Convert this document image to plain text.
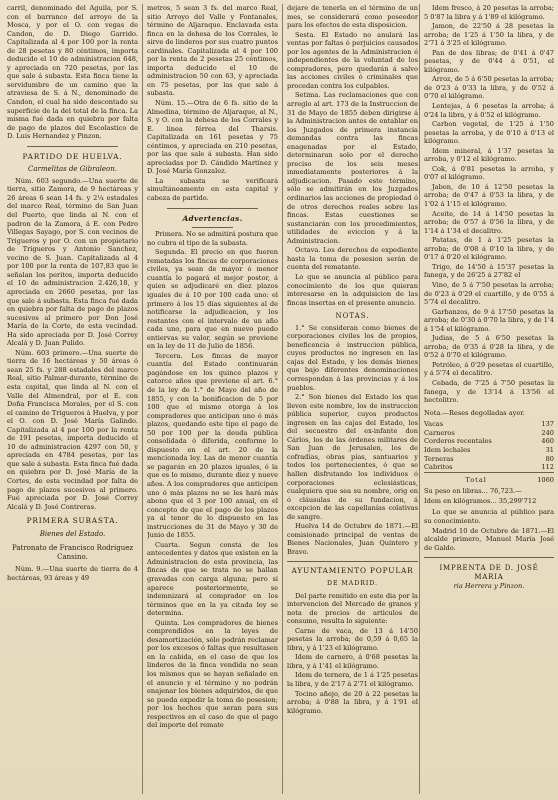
carril, denominado del Aguila, por S. con el barranco del arroyo de la Mosca, y por el O. con vegas de Candon, de D. Diego Garrido. Capitalizada al 4 por 100 por la renta de 28 pesetas y 80 céntimos, importa deducido el 10 de administracion 648, y apreciada en 720 pesetas, por las que sale á subasta. Esta finca tiene la servidumbre de un camino que la atraviesa de S. á N., denominado de Candon, el cual ha sido descontado su superficie de la del total de la finca. La misma fué dada en quiebra por falta de pago de plazos del Escolastico de D. Luis Hernandez y Pinzon.

PARTIDO DE HUELVA.

Carmelitas de Gibraleon.

Núm. 603 segundo.—Una suerte de tierra, sitio Zamora, de 9 hectáreas y 26 áreas 6 sean 14 fs. y 2¼ estadales del marco Real, término de San Juan del Puerto, que linda al N. con el padron de la Zamora, á E. con Pedro Villegas Sayago, por S. con vecinos de Trigueros y por O. con un propietario de Trigueros y Antonio Sanchez, vecino de S. Juan. Capitalizada al 4 por 100 por la renta de 107,83 que le señalan los peritos, importa deducido el 10 de administracion 2.426,18, y apreciada en 2660 pesetas, por las que sale á subasta. Esta finca fué dada en quiebra por falta de pago de plazos sucesivos al primero por Don José María de la Corte, de esta vecindad. Ha sido apreciada por D. José Correy Alcalá y D. Juan Pulido.

Núm. 603 primero.—Una suerte de tierra de 16 hectáreas y 50 áreas ó sean 25 fs. y 288 estadales del marco Real, sitio Palmar-durante, término de esta capital, que linda al N. con el Valle del Almendral, por el E. con Doña Francisca Morales, por el S. con el camino de Trigueros á Huelva, y por el O. con D. José María Galindo. Capitalizada al 4 por 100 por la renta de 191 pesetas, importa deducido el 10 de administracion 4297 con 50, y apreciada en 4784 pesetas, por las que sale á subasta. Esta finca fué dada en quiebra por D. José María de la Cortes, de esta vecindad por falta de pago de plazos sucesivos al primero. Fué apreciada por D. José Correy Alcalá y D. José Contreras.

PRIMERA SUBASTA.

Bienes del Estado.

Patronato de Francisco Rodriguez Cansino.

Núm. 9.—Una suerte de tierra de 4 hectáreas, 93 áreas y 49

metros, 5 sean 3 fs. del marco Real, sitio Arroyo del Valle y Fontanales, término de Aljaraque. Enclavada esta finca en la dehesa de los Corrales, le sirve de linderos por sus cuatro puntos cardinales. Capitalizada al 4 por 100 por la renta de 2 pesetas 25 céntimos, importa deducido el 10 de administracion 50 con 63, y apreciada en 75 pesetas, por las que sale á subasta.

Núm. 15.—Otra de 6 fs. sitio de la Almedina, término de Aljaraque, al N., S. y O. con la dehesa de los Corrales y E. linea férrea del Tharsis. Capitalizada en 161 pesetas y 75 céntimos, y apreciada en 210 pesetas, por las que sale á subasta. Han sido apreciadas por D. Cándido Martínez y D. José María Gonzalez.

La subasta se verificará simultáneamente en esta capital y cabeza de partido.

Advertencias.

Primera. No se admitirá postura que no cubra el tipo de la subasta.

Segunda. El precio en que fueren rematadas los fincas de corporaciones civiles, ya sean de mayor ó menor cuantía lo pagará el mejor postor, á quien se adjudicaré en diez plazos iguales de á 10 por 100 cada uno: el primero á los 15 días siguientes al de notificarse la adjudicacion, y los restantes con el intervalo de un año cada uno, para que en nuevo puedo entiervas su valor, según se previene en la ley de 11 de Julio de 1856.

Tercera. Los fincas de mayor cuantía del Estado continuarán pagándose en los quince plazos y catorce años que previene el art. 6.° de la ley de 1.° de Mayo del año de 1855, y con la bonificacion de 5 por 100 que el mismo otorga á los compradores que anticipan uno ó más plazos, quedando este tipo el pago de 50 por 100 por la deuda pública consolidada ó diferida, conforme lo dispuesto en el art. 20 de la mencionada ley. Las de menor cuantía se pagarán en 20 plazos iguales, ó la que es lo mismo, durante diez y nueve años. A los compradores que anticipen uno ó más plazos no se les hará más abono que el 3 por 100 anual, en el concepto de que el pago de los plazos ya al tenor de lo dispuesto en las instrucciones de 31 de Mayo y 30 de Junio de 1855.

Cuarta. Segun consta de los antecedentes y datos que existen en la Administracion de esta provincia, las fincas de que se trata no se hallan gravadas con carga alguna; pero si aparece posteriormente, se indemnizará al comprador en los términos que en la ya citada ley se determina.

Quinta. Los compradores de bienes comprendidos en la leyes de desamortización, sólo podrán reclamar por los excesos ó faltas que resultasen en la cabida, en el caso de que los linderos de la finca vendida no sean los mismos que se hayan señalado en el anuncio y el término y no podrán enajenar los bienes adquiridos, de que se pueda expedir la toma de posesion; por los hechos que seran para sus respectivos en el caso de que el pago del importe del remate

dejare de tenerla en el término de un mes, se considerará como poseedor para los efectos de esta disposicion.

Sesta. El Estado no anulará las ventas por faltas ó perjuicios causados por los agentes de la Administracion é independientes de la voluntad de los compradores, pero quedarán á salvo las acciones civiles ó criminales que procedan contra los culpables.

Setima. Las reclamaciones que con arreglo al art. 173 de la Instruccion de 31 de Mayo de 1855 deben dirigirse á la Administracion antes de entablar en los Juzgados de primera instancia demandas contra las fincas enagenadas por el Estado, determinaran solo por el derecho preciso de los seis meses inmediatamente posteriores á la adjudicacion. Pasado este término, sólo se admitirán en los Juzgados ordinarios las acciones de propiedad ó de otros derechos reales sobre las fincas. Estas cuestiones se sustanciarán con los procedimientos, utilidades de eviccion y á la Administracion.

Octava. Los derechos de expediente hasta la toma de posesion serán de cuenta del rematante.

Lo que se anuncia al público para conocimiento de los que quieran interesarse en la adquisicion de las fincas insertas en el presente anuncio.

NOTAS.

1.° Se consideran como bienes de corporaciones civiles los de propios, beneficencia é instruccion pública, cuyos productos no ingresen en las cajas del Estado, y los demás bienes que bajo diferentes denominaciones correspondan á las provincias y á los pueblos.

2.° Son bienes del Estado los que lleven este nombre, los de instruccion pública superior, cuyos productos ingresen en las cajas del Estado, los del secuestro del ex-infante don Cárlos, los de las órdenes militares de San Juan de Jerusalen, los de cofradías, obras pías, santuarios y todos los pertenecientes, ó que se hallen disfrutando los individuos ó corporaciones eclesiásticas, cualquiera que sea su nombre, orig en ó cláusulas de su fundacion, á excepcion de las capellanías colativas de sangre.

Huelva 14 de Octubre de 1871.—El comisionado principal de ventas de Bienes Nacionales, Juan Quintero y Bravo.

AYUNTAMIENTO POPULAR

DE MADRID.

Del parte remitido en este dia por la intervencion del Mercado de granos y nota de precios de articulos de consumo, resulta lo siguiente:

Carne de vaca, de 13 á 14'50 pesetas la arroba; de 0,59 á 0,65 la libra, y á 1'23 el kilógramo.

Idem de carnero, á 0'68 pesetas la libra, y á 1'41 el kilógramo.

Idem de ternera, de 1 á 1'25 pesetas la libra, y de 2'17 á 2'71 el kilógramo.

Tocino añejo, de 20 á 22 pesetas la arroba; á 0'88 la libra, y á 1'91 el kilógramo.

Idem fresco, á 20 pesetas la arroba; 5 0'87 la libra y á 1'89 el kilógramo.

Jamon, de 22'50 á 28 pesetas la arroba; de 1'25 á 1'50 la libra, y de 2'71 á 3'25 el kilógramo.

Pan de dos libras; de 0'41 á 0'47 pesetas, y de 0'44 á 0'51, el kilógramo.

Arroz, de 5 á 6'50 pesetas la arroba; de 0'23 á 0'33 la libra, y de 0'52 á 0'70 el kilógramo.

Lentejas, á 6 pesetas la arroba; á 0'24 la libra, y á 0'52 el kilógramo.

Carbon vegetal, de 1'25 á 1'50 pesetas la arroba, y de 0'10 á 0'13 el kilógramo.

Idem mineral, á 1'37 pesetas la arroba, y 0'12 el kilógramo.

Cok, á 0'81 pesetas la arroba, y 0'07 el kilógramo.

Jabon, de 10 á 12'50 pesetas la arroba; de 0'47 á 0'53 la libra, y de 1'02 á 1'15 el kilógramo.

Aceite, de 14 á 14'50 pesetas la arroba; de 0'57 á 0'56 la libra, y de 1'14 á 1'34 el decalitro.

Patatas, de 1 á 1'25 pesetas la arroba; de 0'08 á 0'10 la libra, y de 0'17 á 0'20 el kilógramo.

Trigo, de 14'50 á 15'37 pesetas la fanega, y de 26'25 á 27'82 el

Vino, de 5 á 7'50 pesetas la arroba; de 0'23 á 0'29 el cuartillo, y de 0'55 á 5'74 el decalitro.

Garbanzos, de 9 á 17'50 pesetas la arroba; de 0'30 á 0'70 la libra, y de 1'4 á 1'54 el kilógramo.

Judias, de 5 á 6'50 pesetas la arroba; de 0'35 á 0'28 la libra, y de 0'52 á 0'70 el kilógramo.

Petróleo, á 0'29 pesetas el cuartillo, y á 5'74 el decalitro.

Cebada, de 7'25 á 7'50 pesetas la fanega, y de 13'14 á 13'56 el hectolitro.

Nota.—Reses degolladas ayer.

Vacas	137
Carneros	240
Corderos recentales	460
Idem lechales	31
Terneras	80
Cabritos	112
Total	1060

Su peso en libras... 76,723.—

Idem en kilógramos... 35,299'712

Lo que se anuncia al público para su conocimiento.

Madrid 10 de Octubre de 1871.—El alcalde primero, Manuel María José de Galdo.

IMPRENTA DE D. JOSÉ MARIA

ria Herrera y Pinzon.
